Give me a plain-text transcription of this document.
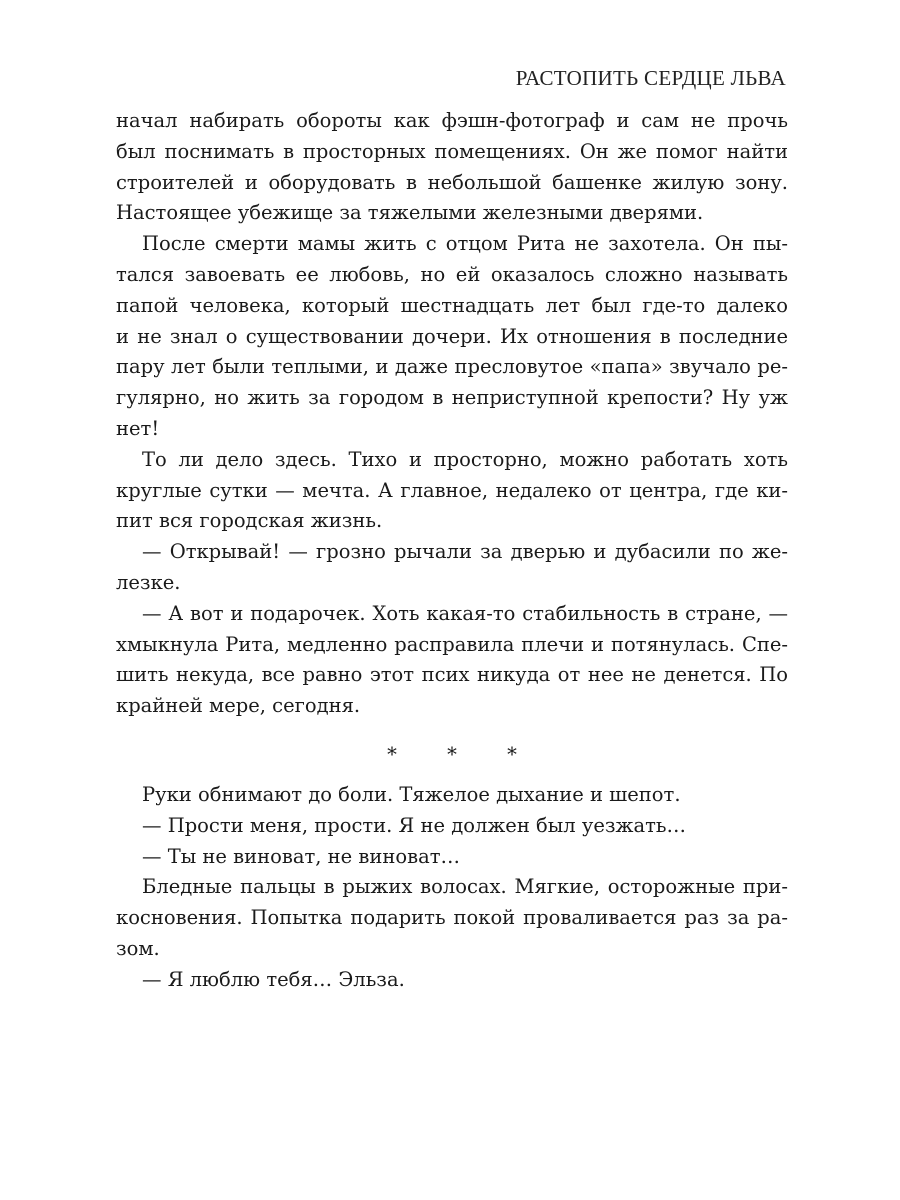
РАСТОПИТЬ СЕРДЦЕ ЛЬВА
начал набирать обороты как фэшн-фотограф и сам не прочь
был поснимать в просторных помещениях. Он же помог найти
строителей и оборудовать в небольшой башенке жилую зону.
Настоящее убежище за тяжелыми железными дверями.
После смерти мамы жить с отцом Рита не захотела. Он пы-
тался завоевать ее любовь, но ей оказалось сложно называть
папой человека, который шестнадцать лет был где-то далеко
и не знал о существовании дочери. Их отношения в последние
пару лет были теплыми, и даже пресловутое «папа» звучало ре-
гулярно, но жить за городом в неприступной крепости? Ну уж
нет!
То ли дело здесь. Тихо и просторно, можно работать хоть
круглые сутки — мечта. А главное, недалеко от центра, где ки-
пит вся городская жизнь.
— Открывай! — грозно рычали за дверью и дубасили по же-
лезке.
— А вот и подарочек. Хоть какая-то стабильность в стране, —
хмыкнула Рита, медленно расправила плечи и потянулась. Спе-
шить некуда, все равно этот псих никуда от нее не денется. По
крайней мере, сегодня.
* * *
Руки обнимают до боли. Тяжелое дыхание и шепот.
— Прости меня, прости. Я не должен был уезжать…
— Ты не виноват, не виноват…
Бледные пальцы в рыжих волосах. Мягкие, осторожные при-
косновения. Попытка подарить покой проваливается раз за ра-
зом.
— Я люблю тебя… Эльза.
